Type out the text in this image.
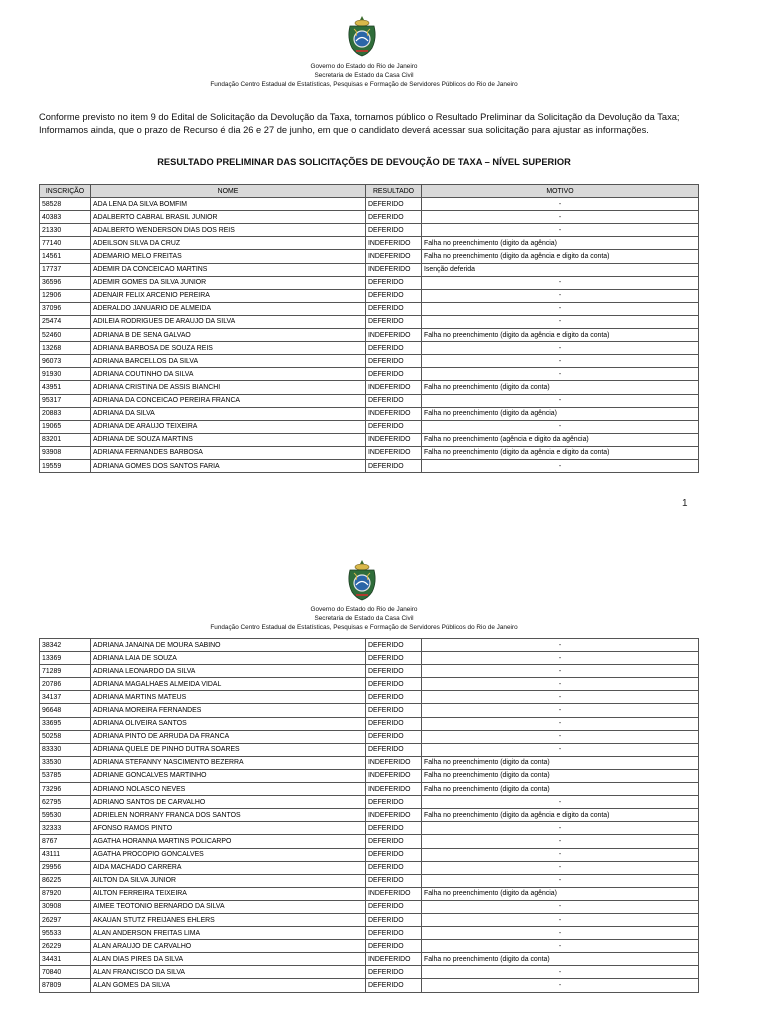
Governo do Estado do Rio de Janeiro
Secretaria de Estado da Casa Civil
Fundação Centro Estadual de Estatísticas, Pesquisas e Formação de Servidores Públicos do Rio de Janeiro
Conforme previsto no item 9 do Edital de Solicitação da Devolução da Taxa, tornamos público o Resultado Preliminar da Solicitação da Devolução da Taxa;
Informamos ainda, que o prazo de Recurso é dia 26 e 27 de junho, em que o candidato deverá acessar sua solicitação para ajustar as informações.
RESULTADO PRELIMINAR DAS SOLICITAÇÕES DE DEVOUÇÃO DE TAXA – NÍVEL SUPERIOR
INSCRIÇÃO	NOME	RESULTADO	MOTIVO
58528	ADA LENA DA SILVA BOMFIM	DEFERIDO	-
40383	ADALBERTO CABRAL BRASIL JUNIOR	DEFERIDO	-
21330	ADALBERTO WENDERSON DIAS DOS REIS	DEFERIDO	-
77140	ADEILSON SILVA DA CRUZ	INDEFERIDO	Falha no preenchimento (digito da agência)
14561	ADEMARIO MELO FREITAS	INDEFERIDO	Falha no preenchimento (digito da agência e digito da conta)
17737	ADEMIR DA CONCEICAO MARTINS	INDEFERIDO	Isenção deferida
36596	ADEMIR GOMES DA SILVA JUNIOR	DEFERIDO	-
12906	ADENAIR FELIX ARCENIO PEREIRA	DEFERIDO	-
37096	ADERALDO JANUARIO DE ALMEIDA	DEFERIDO	-
25474	ADILEIA RODRIGUES DE ARAUJO DA SILVA	DEFERIDO	-
52460	ADRIANA B DE SENA GALVAO	INDEFERIDO	Falha no preenchimento (digito da agência e digito da conta)
13268	ADRIANA BARBOSA DE SOUZA REIS	DEFERIDO	-
96073	ADRIANA BARCELLOS DA SILVA	DEFERIDO	-
91930	ADRIANA COUTINHO DA SILVA	DEFERIDO	-
43951	ADRIANA CRISTINA DE ASSIS BIANCHI	INDEFERIDO	Falha no preenchimento (digito da conta)
95317	ADRIANA DA CONCEICAO PEREIRA FRANCA	DEFERIDO	-
20883	ADRIANA DA SILVA	INDEFERIDO	Falha no preenchimento (digito da agência)
19065	ADRIANA DE ARAUJO TEIXEIRA	DEFERIDO	-
83201	ADRIANA DE SOUZA MARTINS	INDEFERIDO	Falha no preenchimento (agência e digito da agência)
93908	ADRIANA FERNANDES BARBOSA	INDEFERIDO	Falha no preenchimento (digito da agência e digito da conta)
19559	ADRIANA GOMES DOS SANTOS FARIA	DEFERIDO	-
1
Governo do Estado do Rio de Janeiro
Secretaria de Estado da Casa Civil
Fundação Centro Estadual de Estatísticas, Pesquisas e Formação de Servidores Públicos do Rio de Janeiro
38342	ADRIANA JANAINA DE MOURA SABINO	DEFERIDO	-
13369	ADRIANA LAIA DE SOUZA	DEFERIDO	-
71289	ADRIANA LEONARDO DA SILVA	DEFERIDO	-
20786	ADRIANA MAGALHAES ALMEIDA VIDAL	DEFERIDO	-
34137	ADRIANA MARTINS MATEUS	DEFERIDO	-
96648	ADRIANA MOREIRA FERNANDES	DEFERIDO	-
33695	ADRIANA OLIVEIRA SANTOS	DEFERIDO	-
50258	ADRIANA PINTO DE ARRUDA DA FRANCA	DEFERIDO	-
83330	ADRIANA QUELE DE PINHO DUTRA SOARES	DEFERIDO	-
33530	ADRIANA STEFANNY NASCIMENTO BEZERRA	INDEFERIDO	Falha no preenchimento (digito da conta)
53785	ADRIANE GONCALVES MARTINHO	INDEFERIDO	Falha no preenchimento (digito da conta)
73296	ADRIANO NOLASCO NEVES	INDEFERIDO	Falha no preenchimento (digito da conta)
62795	ADRIANO SANTOS DE CARVALHO	DEFERIDO	-
59530	ADRIELEN NORRANY FRANCA DOS SANTOS	INDEFERIDO	Falha no preenchimento (digito da agência e digito da conta)
32333	AFONSO RAMOS PINTO	DEFERIDO	-
8767	AGATHA HORANNA MARTINS POLICARPO	DEFERIDO	-
43111	AGATHA PROCOPIO GONCALVES	DEFERIDO	-
29956	AIDA MACHADO CARRERA	DEFERIDO	-
86225	AILTON DA SILVA JUNIOR	DEFERIDO	-
87920	AILTON FERREIRA TEIXEIRA	INDEFERIDO	Falha no preenchimento (digito da agência)
30908	AIMEE TEOTONIO BERNARDO DA SILVA	DEFERIDO	-
26297	AKAUAN STUTZ FREIJANES EHLERS	DEFERIDO	-
95533	ALAN ANDERSON FREITAS LIMA	DEFERIDO	-
26229	ALAN ARAUJO DE CARVALHO	DEFERIDO	-
34431	ALAN DIAS PIRES DA SILVA	INDEFERIDO	Falha no preenchimento (digito da conta)
70840	ALAN FRANCISCO DA SILVA	DEFERIDO	-
87809	ALAN GOMES DA SILVA	DEFERIDO	-
